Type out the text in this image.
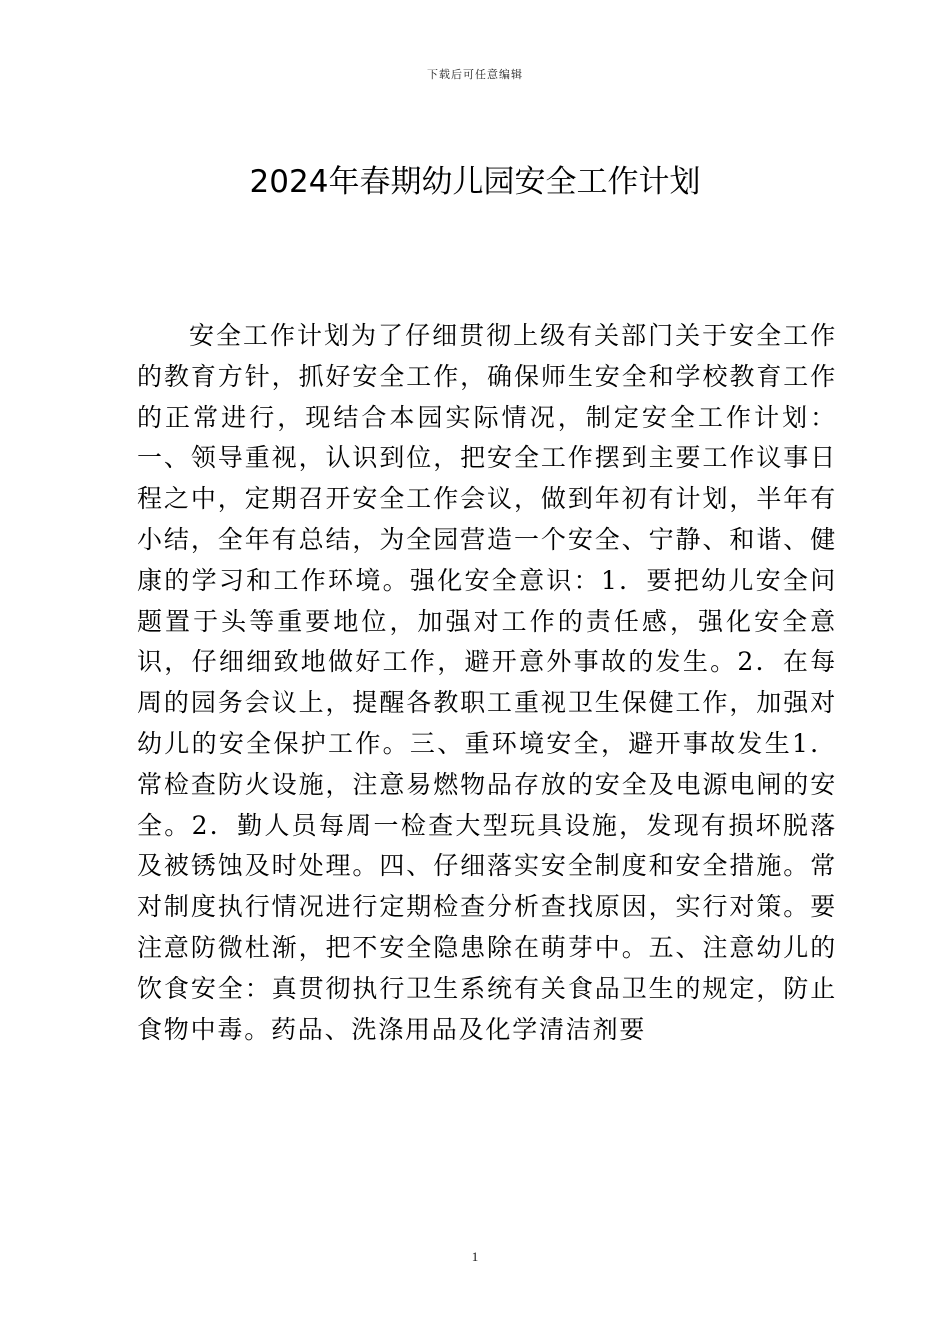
下载后可任意编辑
2024年春期幼儿园安全工作计划

安全工作计划为了仔细贯彻上级有关部门关于安全工作的教育方针，抓好安全工作，确保师生安全和学校教育工作的正常进行，现结合本园实际情况，制定安全工作计划：一、领导重视，认识到位，把安全工作摆到主要工作议事日程之中，定期召开安全工作会议，做到年初有计划，半年有小结，全年有总结，为全园营造一个安全、宁静、和谐、健康的学习和工作环境。强化安全意识：1．要把幼儿安全问题置于头等重要地位，加强对工作的责任感，强化安全意识，仔细细致地做好工作，避开意外事故的发生。2．在每周的园务会议上，提醒各教职工重视卫生保健工作，加强对幼儿的安全保护工作。三、重环境安全，避开事故发生1．常检查防火设施，注意易燃物品存放的安全及电源电闸的安全。2．勤人员每周一检查大型玩具设施，发现有损坏脱落及被锈蚀及时处理。四、仔细落实安全制度和安全措施。常对制度执行情况进行定期检查分析查找原因，实行对策。要注意防微杜渐，把不安全隐患除在萌芽中。五、注意幼儿的饮食安全：真贯彻执行卫生系统有关食品卫生的规定，防止食物中毒。药品、洗涤用品及化学清洁剂要

1
